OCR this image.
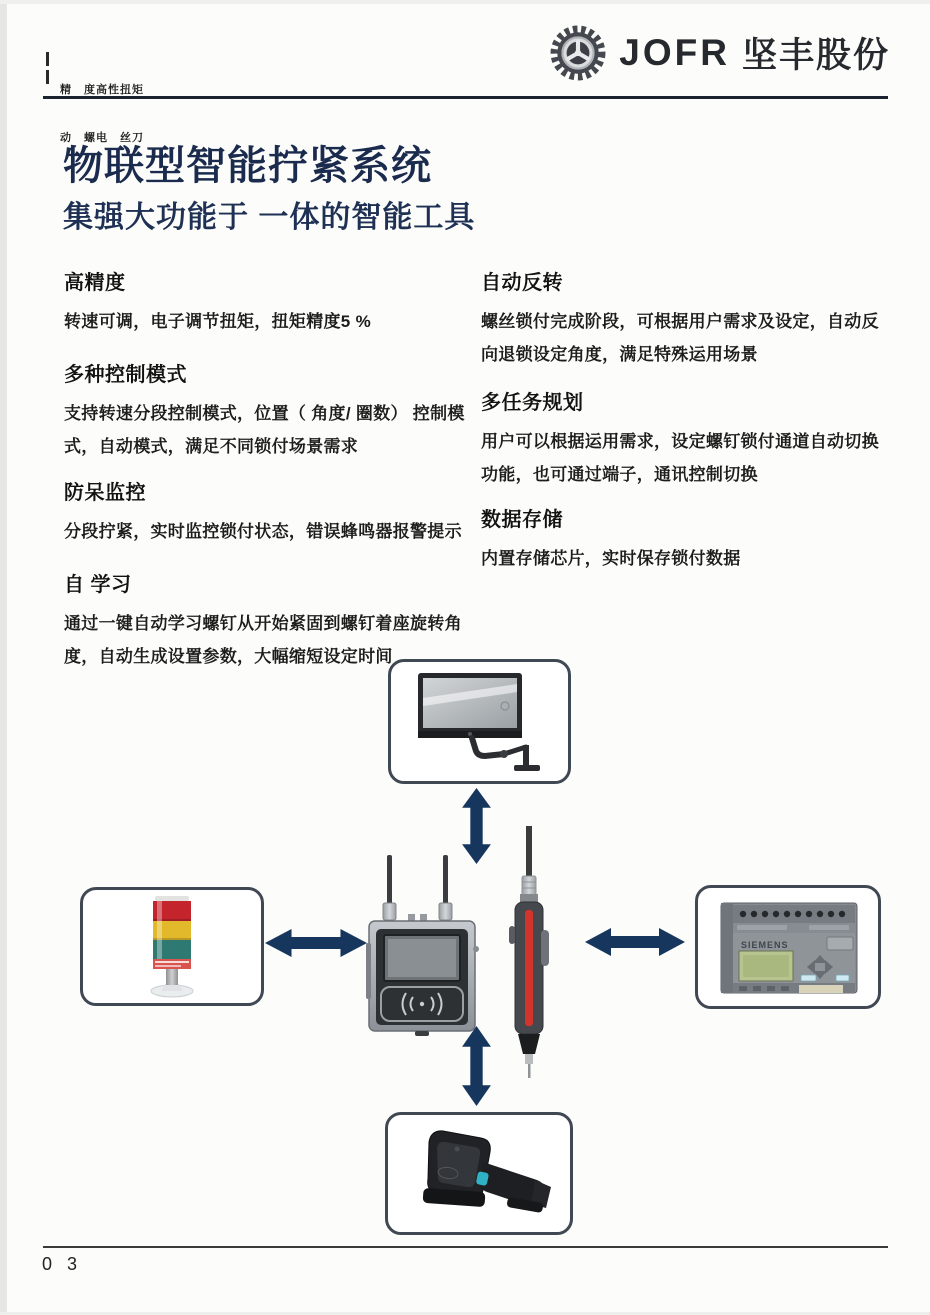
精　度高性扭矩

动　螺电　丝刀

JOFR 坚丰股份
物联型智能拧紧系统
集强大功能于 一体的智能工具
高精度

转速可调，电子调节扭矩，扭矩精度5 %

多种控制模式

支持转速分段控制模式，位置（ 角度/ 圈数） 控制模式，自动模式，满足不同锁付场景需求

防呆监控

分段拧紧，实时监控锁付状态，错误蜂鸣器报警提示

自 学习

通过一键自动学习螺钉从开始紧固到螺钉着座旋转角度，自动生成设置参数，大幅缩短设定时间

自动反转

螺丝锁付完成阶段，可根据用户需求及设定，自动反向退锁设定角度，满足特殊运用场景

多任务规划

用户可以根据运用需求，设定螺钉锁付通道自动切换功能，也可通过端子，通讯控制切换

数据存储

内置存储芯片，实时保存锁付数据

SIEMENS
0 3
